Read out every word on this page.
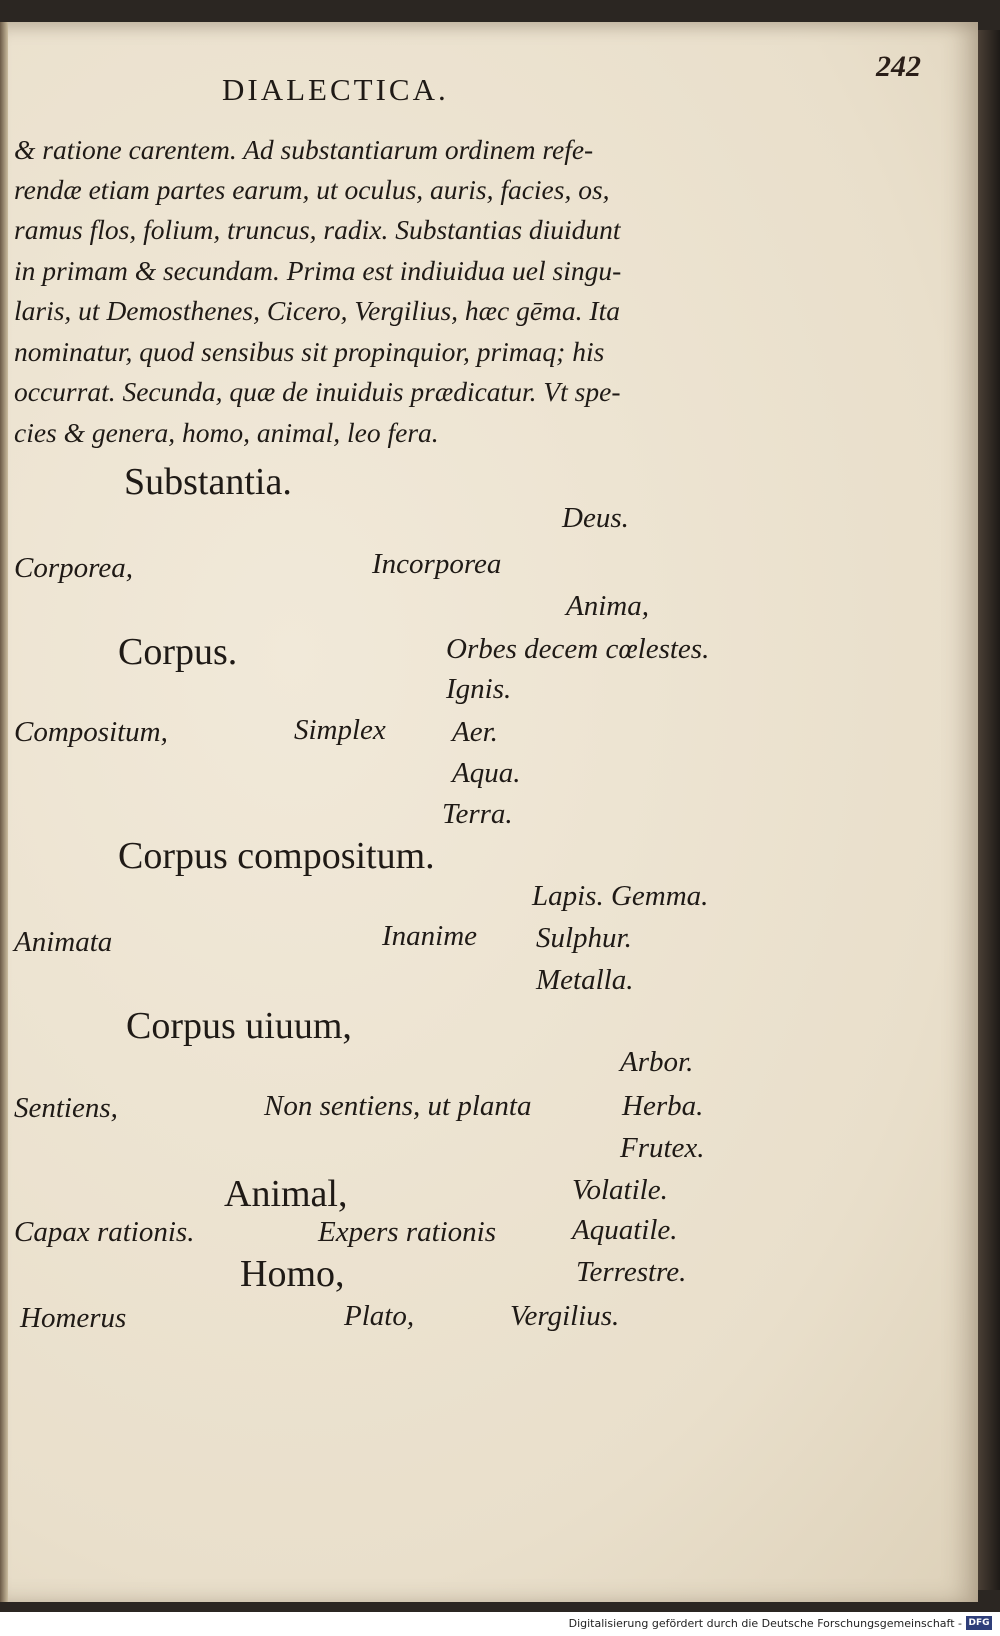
DIALECTICA.
242
& ratione carentem. Ad substantiarum ordinem refe-
rendæ etiam partes earum, ut oculus, auris, facies, os,
ramus flos, folium, truncus, radix. Substantias diuidunt
in primam & secundam. Prima est indiuidua uel singu-
laris, ut Demosthenes, Cicero, Vergilius, hæc gēma. Ita
nominatur, quod sensibus sit propinquior, primaq; his
occurrat. Secunda, quæ de inuiduis prædicatur. Vt spe-
cies & genera, homo, animal, leo fera.
Substantia.
Deus.
Corporea,	Incorporea
Anima,
Corpus.	Orbes decem cœlestes.
Ignis.
Compositum,	Simplex Aer.
Aqua.
Terra.
Corpus compositum.
Lapis. Gemma.
Animata	Inanime Sulphur.
Metalla.
Corpus uiuum,
Arbor.
Sentiens,	Non sentiens, ut planta	Herba.
Frutex.
Animal,	Volatile.
Capax rationis.	Expers rationis	Aquatile.
Homo,	Terrestre.
Homerus	Plato,	Vergilius.
Digitalisierung gefördert durch die Deutsche Forschungsgemeinschaft - DFG
